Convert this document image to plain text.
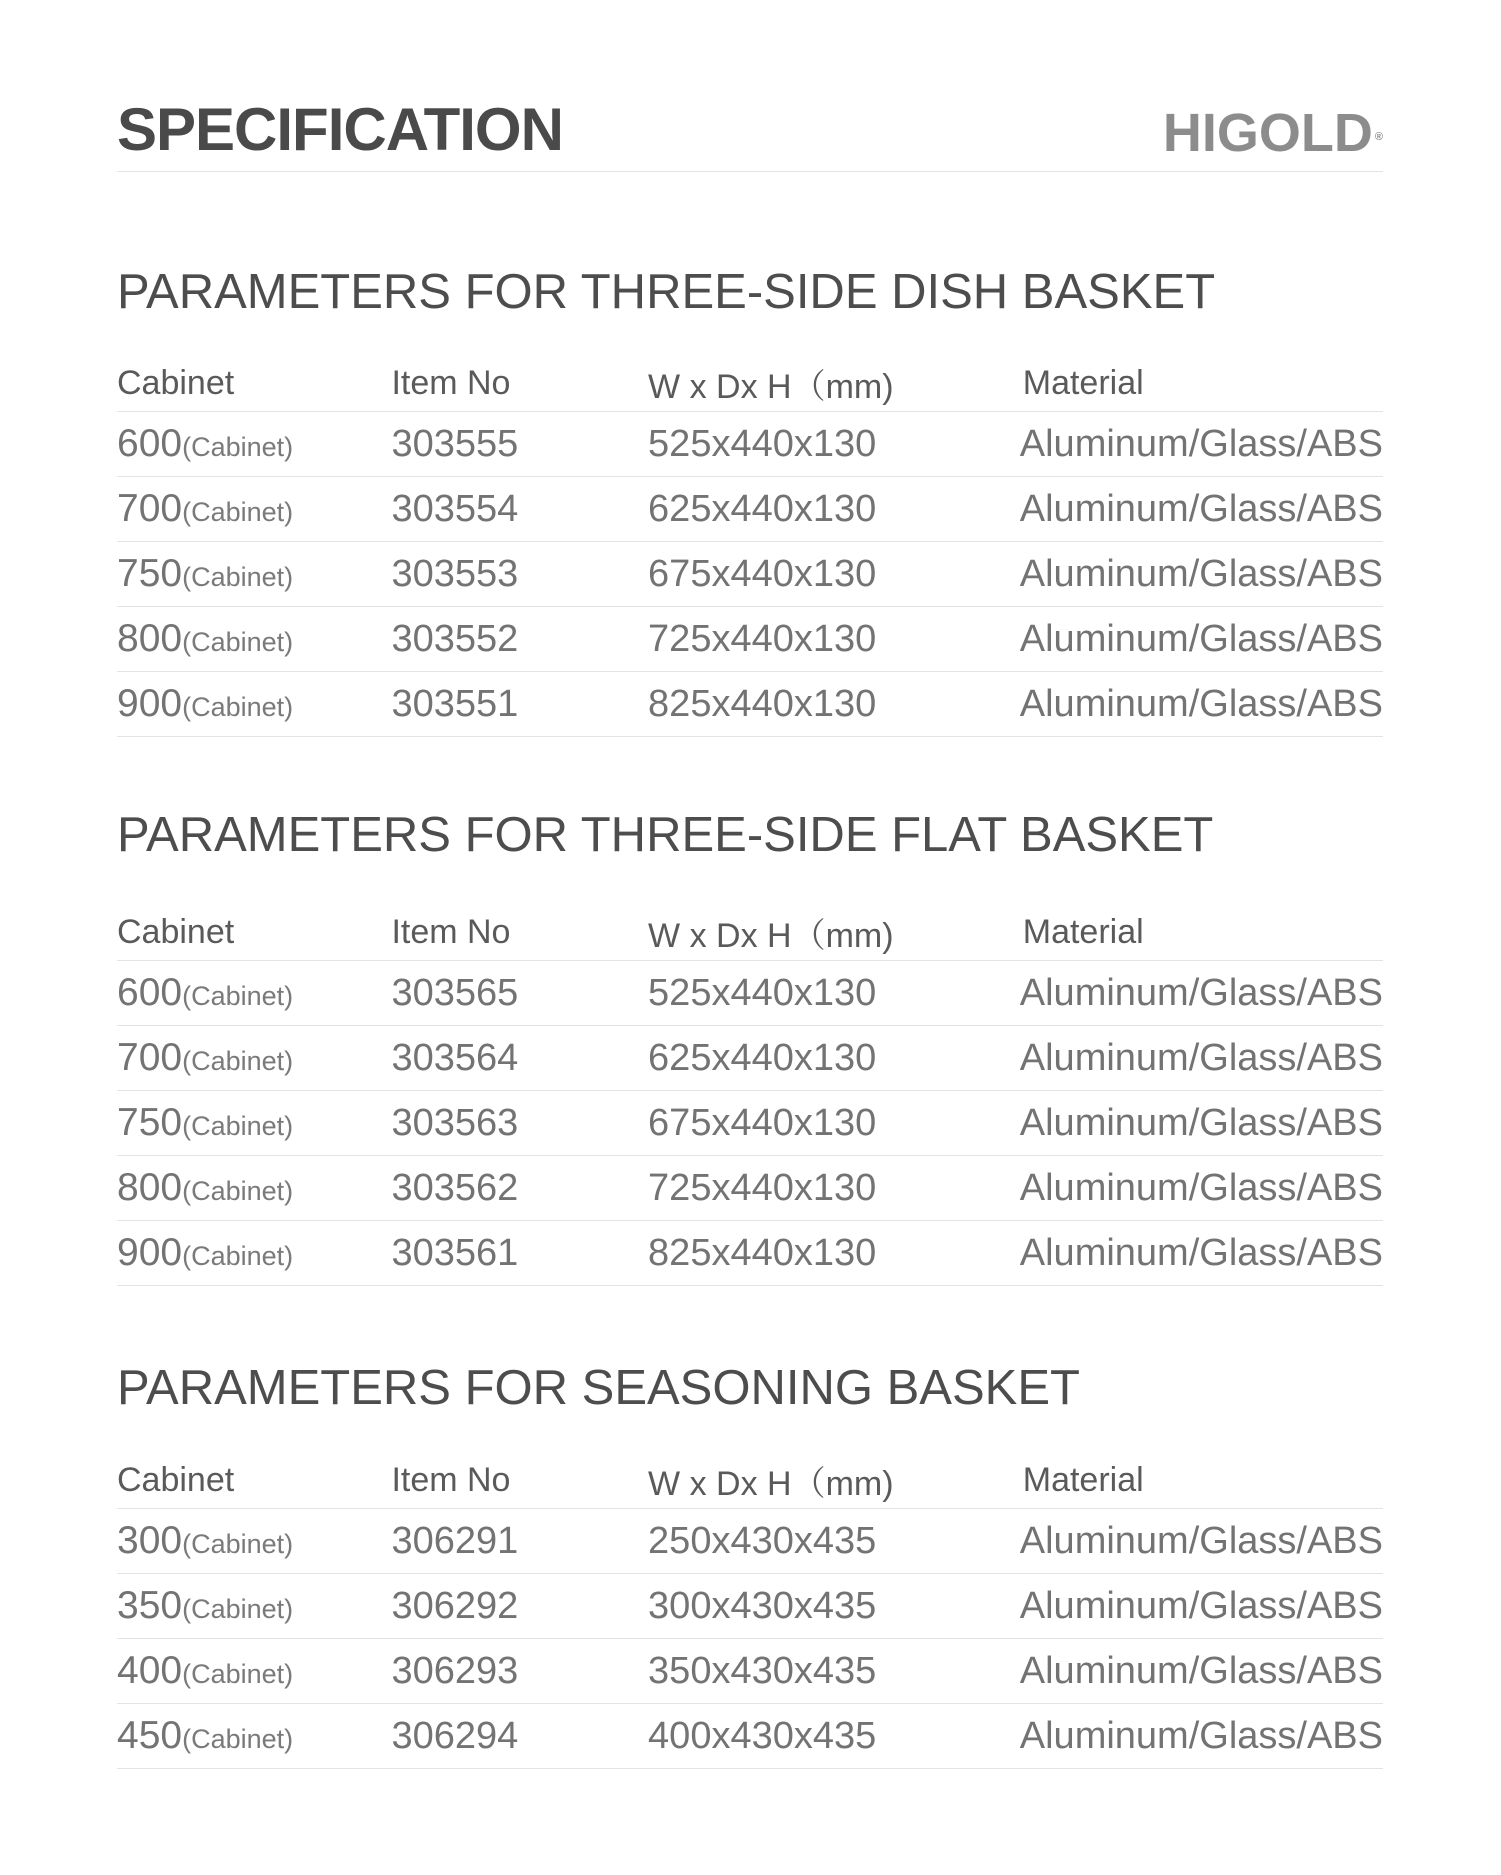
SPECIFICATION	HIGOLD ®
PARAMETERS FOR THREE-SIDE DISH BASKET
Cabinet	Item No	W x Dx H（mm)	Material
600(Cabinet)	303555	525x440x130	Aluminum/Glass/ABS
700(Cabinet)	303554	625x440x130	Aluminum/Glass/ABS
750(Cabinet)	303553	675x440x130	Aluminum/Glass/ABS
800(Cabinet)	303552	725x440x130	Aluminum/Glass/ABS
900(Cabinet)	303551	825x440x130	Aluminum/Glass/ABS
PARAMETERS FOR THREE-SIDE FLAT BASKET
Cabinet	Item No	W x Dx H（mm)	Material
600(Cabinet)	303565	525x440x130	Aluminum/Glass/ABS
700(Cabinet)	303564	625x440x130	Aluminum/Glass/ABS
750(Cabinet)	303563	675x440x130	Aluminum/Glass/ABS
800(Cabinet)	303562	725x440x130	Aluminum/Glass/ABS
900(Cabinet)	303561	825x440x130	Aluminum/Glass/ABS
PARAMETERS FOR SEASONING BASKET
Cabinet	Item No	W x Dx H（mm)	Material
300(Cabinet)	306291	250x430x435	Aluminum/Glass/ABS
350(Cabinet)	306292	300x430x435	Aluminum/Glass/ABS
400(Cabinet)	306293	350x430x435	Aluminum/Glass/ABS
450(Cabinet)	306294	400x430x435	Aluminum/Glass/ABS
